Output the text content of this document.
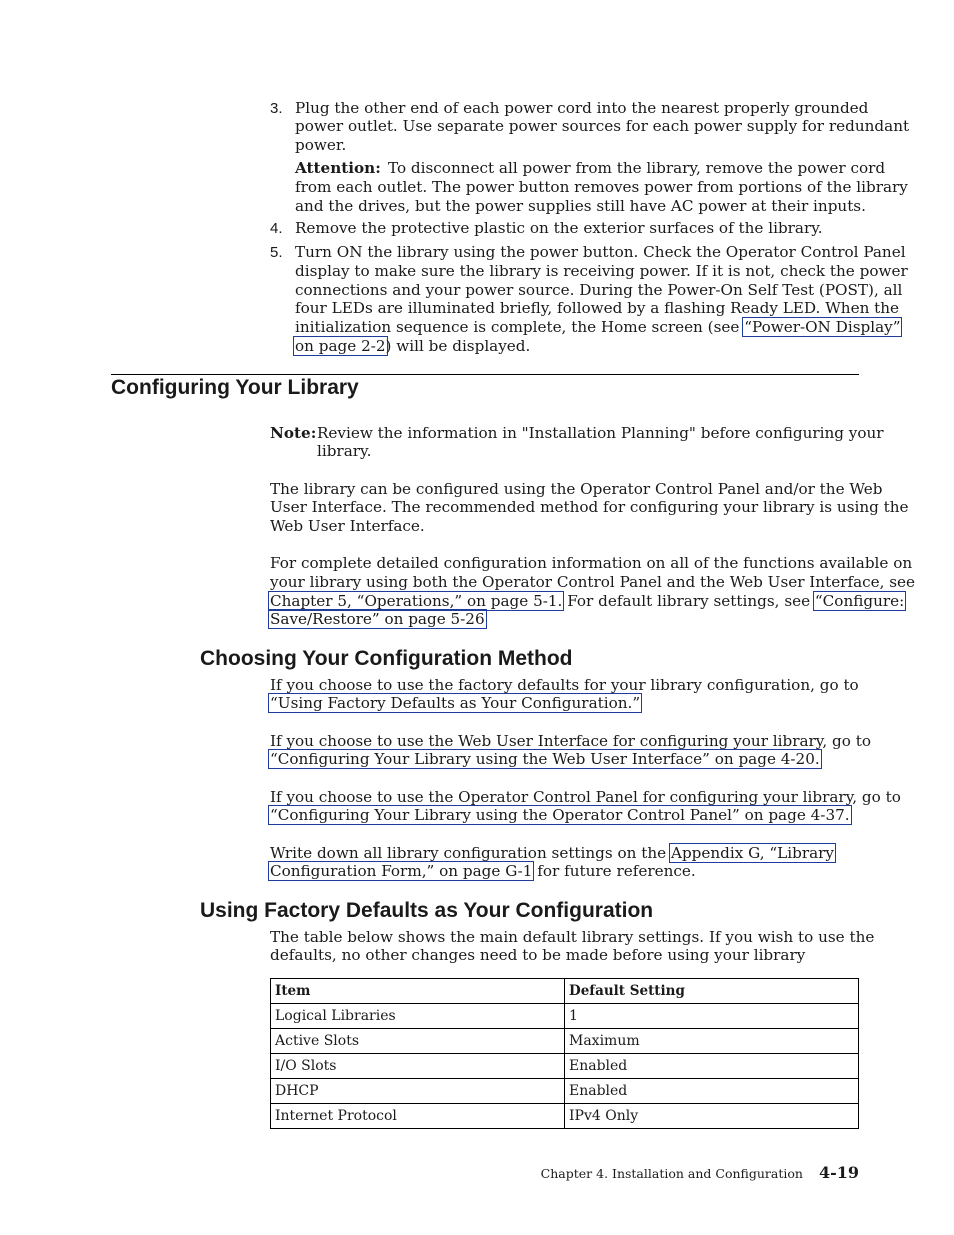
3. Plug the other end of each power cord into the nearest properly grounded
power outlet. Use separate power sources for each power supply for redundant
power.
Attention: To disconnect all power from the library, remove the power cord
from each outlet. The power button removes power from portions of the library
and the drives, but the power supplies still have AC power at their inputs.
4. Remove the protective plastic on the exterior surfaces of the library.
5. Turn ON the library using the power button. Check the Operator Control Panel
display to make sure the library is receiving power. If it is not, check the power
connections and your power source. During the Power-On Self Test (POST), all
four LEDs are illuminated briefly, followed by a flashing Ready LED. When the
initialization sequence is complete, the Home screen (see “Power-ON Display”
on page 2-2) will be displayed.
Configuring Your Library
Note: Review the information in "Installation Planning" before configuring your
library.
The library can be configured using the Operator Control Panel and/or the Web
User Interface. The recommended method for configuring your library is using the
Web User Interface.
For complete detailed configuration information on all of the functions available on
your library using both the Operator Control Panel and the Web User Interface, see
Chapter 5, “Operations,” on page 5-1. For default library settings, see “Configure:
Save/Restore” on page 5-26
Choosing Your Configuration Method
If you choose to use the factory defaults for your library configuration, go to
“Using Factory Defaults as Your Configuration.”
If you choose to use the Web User Interface for configuring your library, go to
“Configuring Your Library using the Web User Interface” on page 4-20.
If you choose to use the Operator Control Panel for configuring your library, go to
“Configuring Your Library using the Operator Control Panel” on page 4-37.
Write down all library configuration settings on the Appendix G, “Library
Configuration Form,” on page G-1 for future reference.
Using Factory Defaults as Your Configuration
The table below shows the main default library settings. If you wish to use the
defaults, no other changes need to be made before using your library
Item	Default Setting
Logical Libraries	1
Active Slots	Maximum
I/O Slots	Enabled
DHCP	Enabled
Internet Protocol	IPv4 Only
Chapter 4. Installation and Configuration 4-19
